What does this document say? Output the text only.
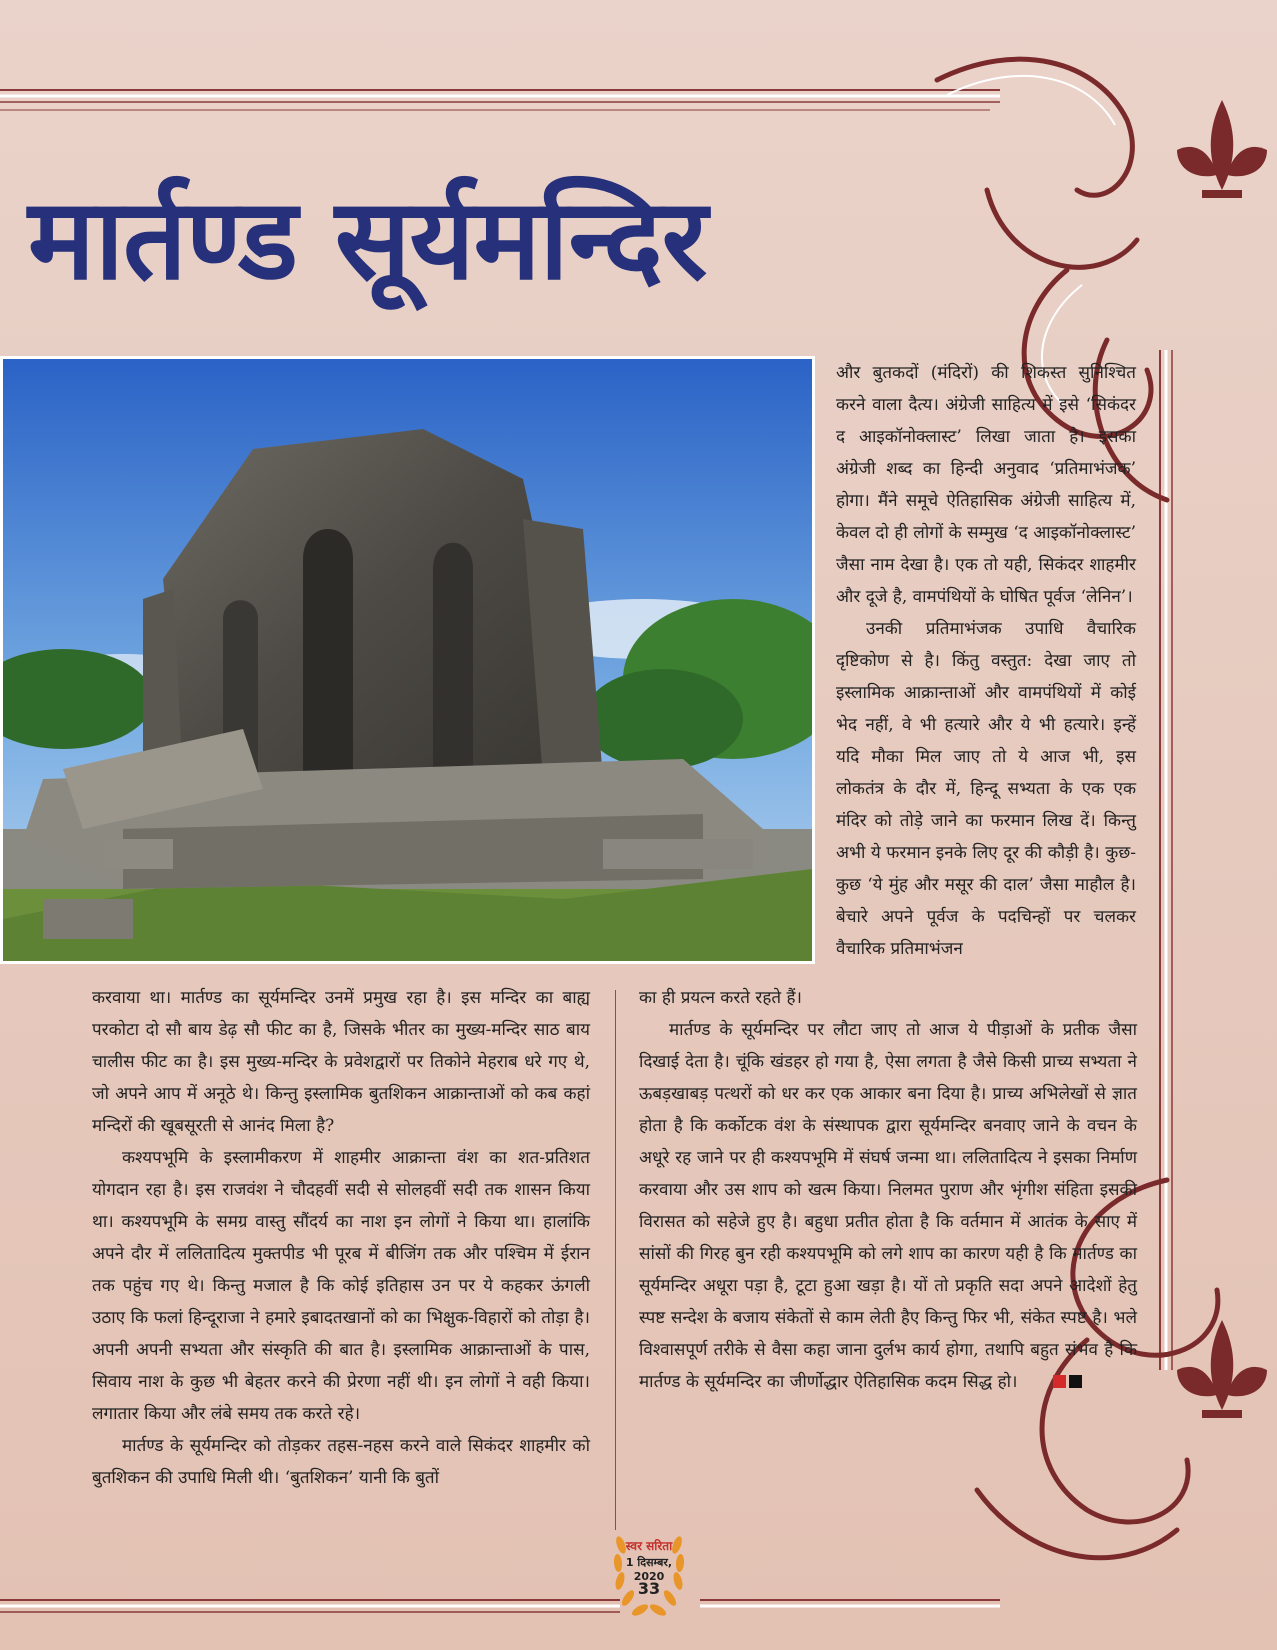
मार्तण्ड सूर्यमन्दिर

और बुतकदों (मंदिरों) की शिकस्त सुनिश्चित करने वाला दैत्य। अंग्रेजी साहित्य में इसे ‘सिकंदर द आइकॉनोक्लास्ट’ लिखा जाता है। इसका अंग्रेजी शब्द का हिन्दी अनुवाद ‘प्रतिमाभंजक’ होगा। मैंने समूचे ऐतिहासिक अंग्रेजी साहित्य में, केवल दो ही लोगों के सम्मुख ‘द आइकॉनोक्लास्ट’ जैसा नाम देखा है। एक तो यही, सिकंदर शाहमीर और दूजे है, वामपंथियों के घोषित पूर्वज ‘लेनिन’।

उनकी प्रतिमाभंजक उपाधि वैचारिक दृष्टिकोण से है। किंतु वस्तुत: देखा जाए तो इस्लामिक आक्रान्ताओं और वामपंथियों में कोई भेद नहीं, वे भी हत्यारे और ये भी हत्यारे। इन्हें यदि मौका मिल जाए तो ये आज भी, इस लोकतंत्र के दौर में, हिन्दू सभ्यता के एक एक मंदिर को तोड़े जाने का फरमान लिख दें। किन्तु अभी ये फरमान इनके लिए दूर की कौड़ी है। कुछ-कुछ ‘ये मुंह और मसूर की दाल’ जैसा माहौल है। बेचारे अपने पूर्वज के पदचिन्हों पर चलकर वैचारिक प्रतिमाभंजन

करवाया था। मार्तण्ड का सूर्यमन्दिर उनमें प्रमुख रहा है। इस मन्दिर का बाह्य परकोटा दो सौ बाय डेढ़ सौ फीट का है, जिसके भीतर का मुख्य-मन्दिर साठ बाय चालीस फीट का है। इस मुख्य-मन्दिर के प्रवेशद्वारों पर तिकोने मेहराब धरे गए थे, जो अपने आप में अनूठे थे। किन्तु इस्लामिक बुतशिकन आक्रान्ताओं को कब कहां मन्दिरों की खूबसूरती से आनंद मिला है?

कश्यपभूमि के इस्लामीकरण में शाहमीर आक्रान्ता वंश का शत-प्रतिशत योगदान रहा है। इस राजवंश ने चौदहवीं सदी से सोलहवीं सदी तक शासन किया था। कश्यपभूमि के समग्र वास्तु सौंदर्य का नाश इन लोगों ने किया था। हालांकि अपने दौर में ललितादित्य मुक्तपीड भी पूरब में बीजिंग तक और पश्चिम में ईरान तक पहुंच गए थे। किन्तु मजाल है कि कोई इतिहास उन पर ये कहकर ऊंगली उठाए कि फलां हिन्दूराजा ने हमारे इबादतखानों को का भिक्षुक-विहारों को तोड़ा है। अपनी अपनी सभ्यता और संस्कृति की बात है। इस्लामिक आक्रान्ताओं के पास, सिवाय नाश के कुछ भी बेहतर करने की प्रेरणा नहीं थी। इन लोगों ने वही किया। लगातार किया और लंबे समय तक करते रहे।

मार्तण्ड के सूर्यमन्दिर को तोड़कर तहस-नहस करने वाले सिकंदर शाहमीर को बुतशिकन की उपाधि मिली थी। ‘बुतशिकन’ यानी कि बुतों

का ही प्रयत्न करते रहते हैं।

मार्तण्ड के सूर्यमन्दिर पर लौटा जाए तो आज ये पीड़ाओं के प्रतीक जैसा दिखाई देता है। चूंकि खंडहर हो गया है, ऐसा लगता है जैसे किसी प्राच्य सभ्यता ने ऊबड़खाबड़ पत्थरों को धर कर एक आकार बना दिया है। प्राच्य अभिलेखों से ज्ञात होता है कि कर्कोटक वंश के संस्थापक द्वारा सूर्यमन्दिर बनवाए जाने के वचन के अधूरे रह जाने पर ही कश्यपभूमि में संघर्ष जन्मा था। ललितादित्य ने इसका निर्माण करवाया और उस शाप को खत्म किया। निलमत पुराण और भृंगीश संहिता इसकी विरासत को सहेजे हुए है। बहुधा प्रतीत होता है कि वर्तमान में आतंक के साए में सांसों की गिरह बुन रही कश्यपभूमि को लगे शाप का कारण यही है कि मार्तण्ड का सूर्यमन्दिर अधूरा पड़ा है, टूटा हुआ खड़ा है। यों तो प्रकृति सदा अपने आदेशों हेतु स्पष्ट सन्देश के बजाय संकेतों से काम लेती हैए किन्तु फिर भी, संकेत स्पष्ट है। भले विश्वासपूर्ण तरीके से वैसा कहा जाना दुर्लभ कार्य होगा, तथापि बहुत संभव है कि मार्तण्ड के सूर्यमन्दिर का जीर्णोद्धार ऐतिहासिक कदम सिद्ध हो।

स्वर सरिता
1 दिसम्बर, 2020
33
